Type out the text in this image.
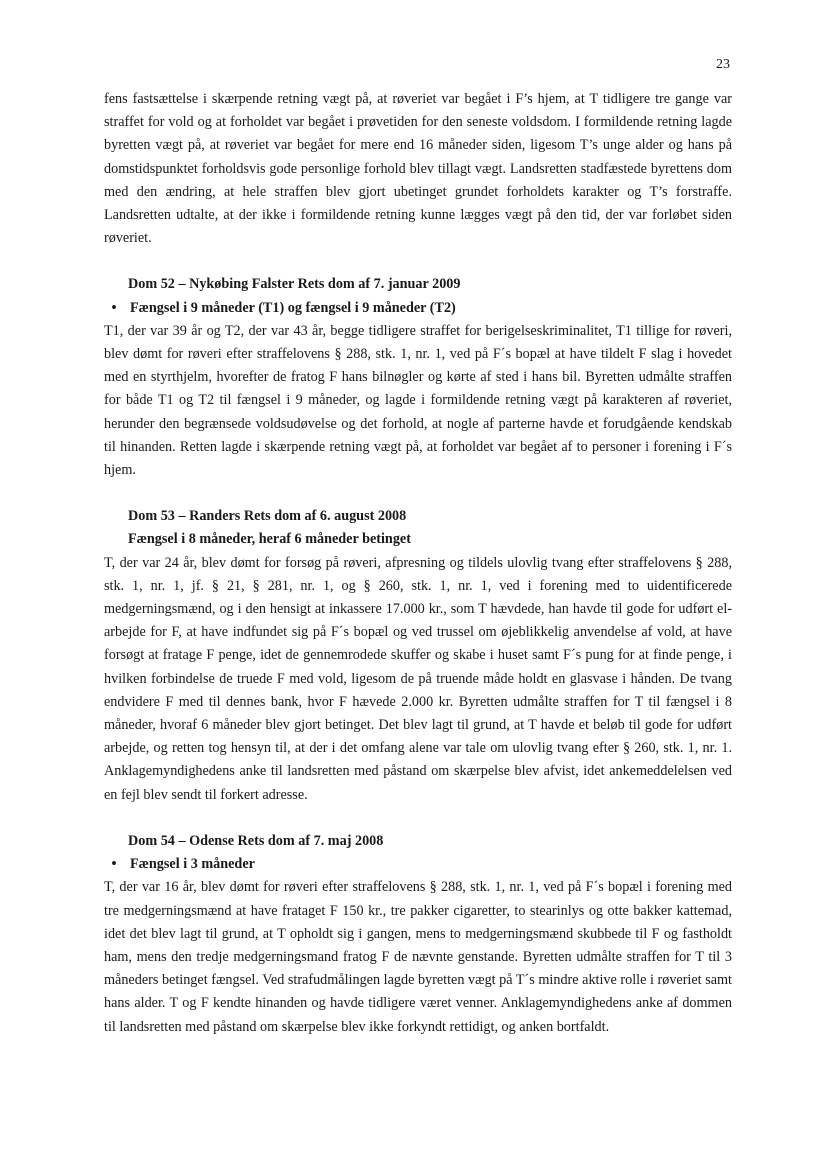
23

fens fastsættelse i skærpende retning vægt på, at røveriet var begået i F’s hjem, at T tidligere tre gange var straffet for vold og at forholdet var begået i prøvetiden for den seneste voldsdom. I formildende retning lagde byretten vægt på, at røveriet var begået for mere end 16 måneder siden, ligesom T’s unge alder og hans på domstidspunktet forholdsvis gode personlige forhold blev tillagt vægt. Landsretten stadfæstede byrettens dom med den ændring, at hele straffen blev gjort ubetinget grundet forholdets karakter og T’s forstraffe. Landsretten udtalte, at der ikke i formildende retning kunne lægges vægt på den tid, der var forløbet siden røveriet.

Dom 52 – Nykøbing Falster Rets dom af 7. januar 2009

• Fængsel i 9 måneder (T1) og fængsel i 9 måneder (T2)

T1, der var 39 år og T2, der var 43 år, begge tidligere straffet for berigelseskriminalitet, T1 tillige for røveri, blev dømt for røveri efter straffelovens § 288, stk. 1, nr. 1, ved på F´s bopæl at have tildelt F slag i hovedet med en styrthjelm, hvorefter de fratog F hans bilnøgler og kørte af sted i hans bil. Byretten udmålte straffen for både T1 og T2 til fængsel i 9 måneder, og lagde i formildende retning vægt på karakteren af røveriet, herunder den begrænsede voldsudøvelse og det forhold, at nogle af parterne havde et forudgående kendskab til hinanden. Retten lagde i skærpende retning vægt på, at forholdet var begået af to personer i forening i F´s hjem.

Dom 53 – Randers Rets dom af 6. august 2008

Fængsel i 8 måneder, heraf 6 måneder betinget

T, der var 24 år, blev dømt for forsøg på røveri, afpresning og tildels ulovlig tvang efter straffelovens § 288, stk. 1, nr. 1, jf. § 21, § 281, nr. 1, og § 260, stk. 1, nr. 1, ved i forening med to uidentificerede medgerningsmænd, og i den hensigt at inkassere 17.000 kr., som T hævdede, han havde til gode for udført el-arbejde for F, at have indfundet sig på F´s bopæl og ved trussel om øjeblikkelig anvendelse af vold, at have forsøgt at fratage F penge, idet de gennemrodede skuffer og skabe i huset samt F´s pung for at finde penge, i hvilken forbindelse de truede F med vold, ligesom de på truende måde holdt en glasvase i hånden. De tvang endvidere F med til dennes bank, hvor F hævede 2.000 kr. Byretten udmålte straffen for T til fængsel i 8 måneder, hvoraf 6 måneder blev gjort betinget. Det blev lagt til grund, at T havde et beløb til gode for udført arbejde, og retten tog hensyn til, at der i det omfang alene var tale om ulovlig tvang efter § 260, stk. 1, nr. 1. Anklagemyndighedens anke til landsretten med påstand om skærpelse blev afvist, idet ankemeddelelsen ved en fejl blev sendt til forkert adresse.

Dom 54 – Odense Rets dom af 7. maj 2008

• Fængsel i 3 måneder

T, der var 16 år, blev dømt for røveri efter straffelovens § 288, stk. 1, nr. 1, ved på F´s bopæl i forening med tre medgerningsmænd at have frataget F 150 kr., tre pakker cigaretter, to stearinlys og otte bakker kattemad, idet det blev lagt til grund, at T opholdt sig i gangen, mens to medgerningsmænd skubbede til F og fastholdt ham, mens den tredje medgerningsmand fratog F de nævnte genstande. Byretten udmålte straffen for T til 3 måneders betinget fængsel. Ved strafudmålingen lagde byretten vægt på T´s mindre aktive rolle i røveriet samt hans alder. T og F kendte hinanden og havde tidligere været venner. Anklagemyndighedens anke af dommen til landsretten med påstand om skærpelse blev ikke forkyndt rettidigt, og anken bortfaldt.
